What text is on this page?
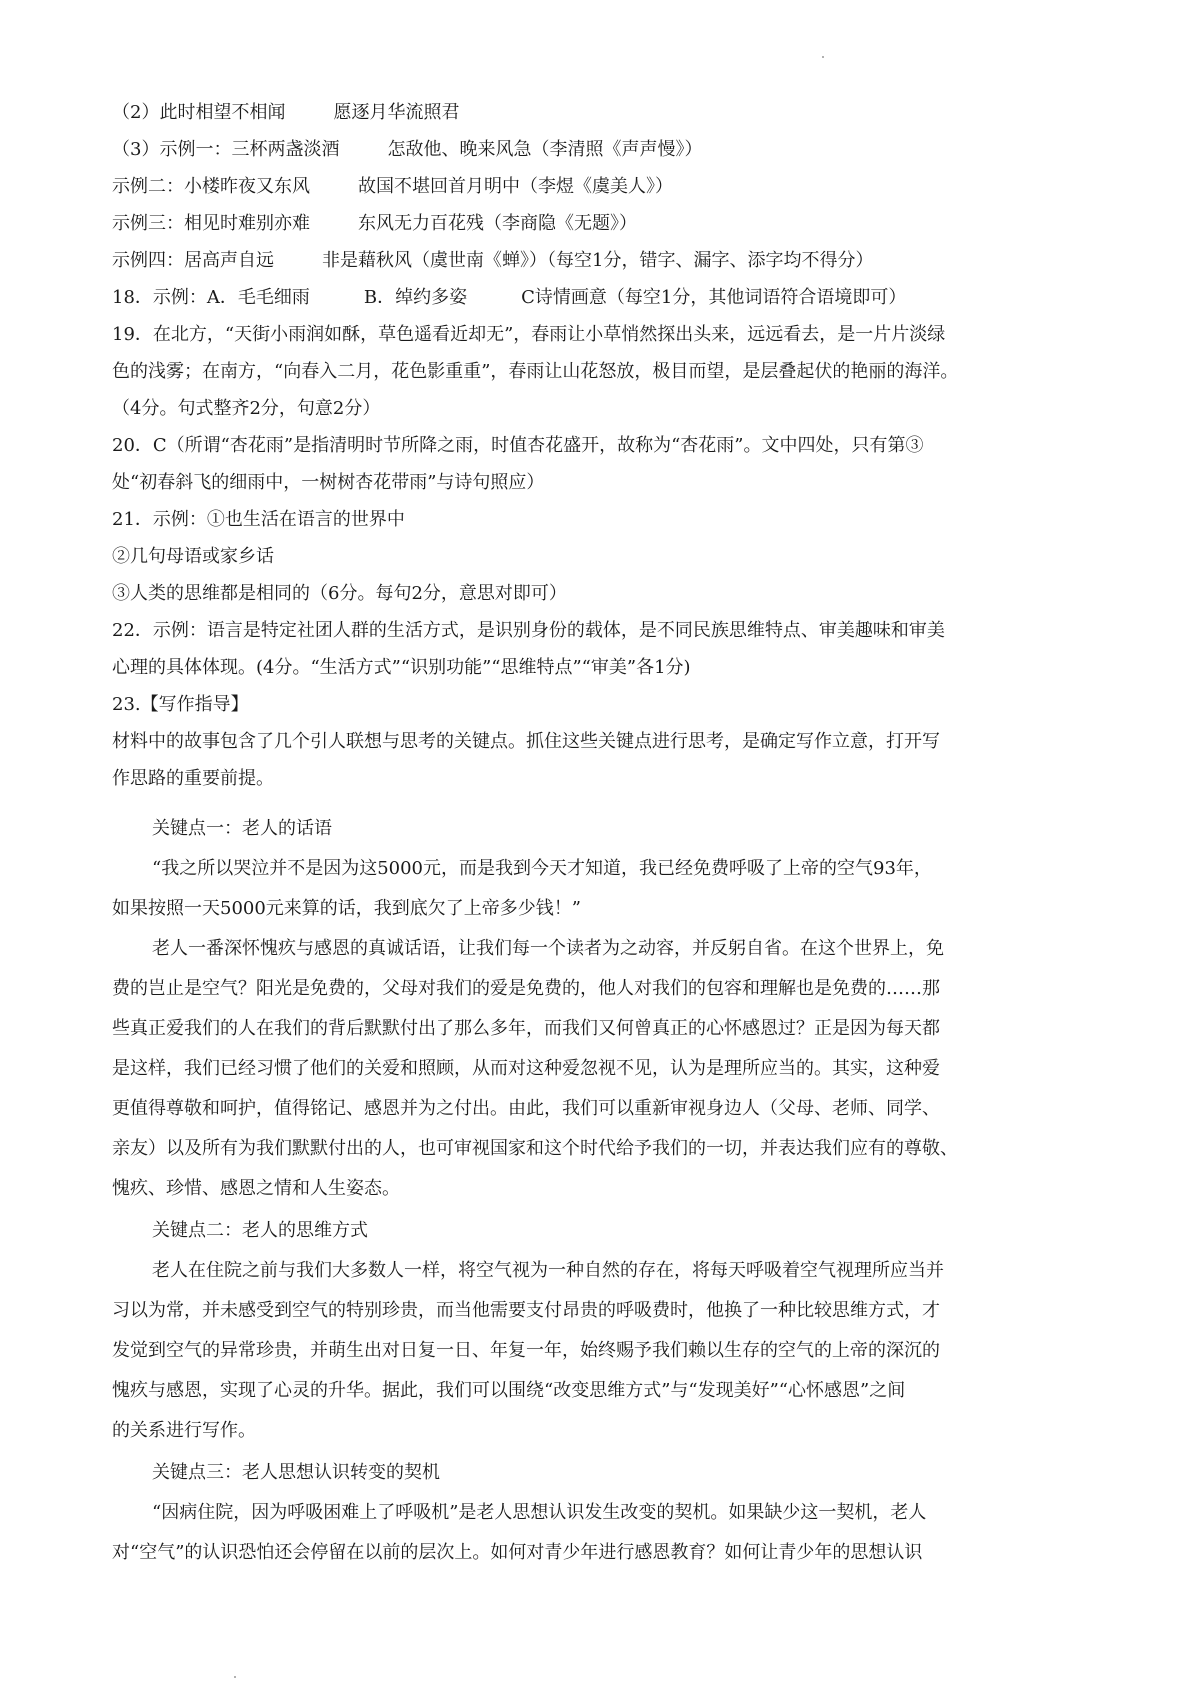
（2）此时相望不相闻	愿逐月华流照君
（3）示例一：三杯两盏淡酒	怎敌他、晚来风急（李清照《声声慢》）
示例二：小楼昨夜又东风	故国不堪回首月明中（李煜《虞美人》）
示例三：相见时难别亦难	东风无力百花残（李商隐《无题》）
示例四：居高声自远	非是藉秋风（虞世南《蝉》）（每空1分，错字、漏字、添字均不得分）
18．示例：A．毛毛细雨　　　B．绰约多姿　　　C诗情画意（每空1分，其他词语符合语境即可）
19．在北方，“天街小雨润如酥，草色遥看近却无”，春雨让小草悄然探出头来，远远看去，是一片片淡绿
色的浅雾；在南方，“向春入二月，花色影重重”，春雨让山花怒放，极目而望，是层叠起伏的艳丽的海洋。
（4分。句式整齐2分，句意2分）
20．C（所谓“杏花雨”是指清明时节所降之雨，时值杏花盛开，故称为“杏花雨”。文中四处，只有第③
处“初春斜飞的细雨中，一树树杏花带雨”与诗句照应）
21．示例：①也生活在语言的世界中
②几句母语或家乡话
③人类的思维都是相同的（6分。每句2分，意思对即可）
22．示例：语言是特定社团人群的生活方式，是识别身份的载体，是不同民族思维特点、审美趣味和审美
心理的具体体现。(4分。“生活方式”“识别功能”“思维特点”“审美”各1分)
23.【写作指导】
材料中的故事包含了几个引人联想与思考的关键点。抓住这些关键点进行思考，是确定写作立意，打开写
作思路的重要前提。
关键点一：老人的话语
“我之所以哭泣并不是因为这5000元，而是我到今天才知道，我已经免费呼吸了上帝的空气93年，
如果按照一天5000元来算的话，我到底欠了上帝多少钱！”
老人一番深怀愧疚与感恩的真诚话语，让我们每一个读者为之动容，并反躬自省。在这个世界上，免
费的岂止是空气？阳光是免费的，父母对我们的爱是免费的，他人对我们的包容和理解也是免费的……那
些真正爱我们的人在我们的背后默默付出了那么多年，而我们又何曾真正的心怀感恩过？正是因为每天都
是这样，我们已经习惯了他们的关爱和照顾，从而对这种爱忽视不见，认为是理所应当的。其实，这种爱
更值得尊敬和呵护，值得铭记、感恩并为之付出。由此，我们可以重新审视身边人（父母、老师、同学、
亲友）以及所有为我们默默付出的人，也可审视国家和这个时代给予我们的一切，并表达我们应有的尊敬、
愧疚、珍惜、感恩之情和人生姿态。
关键点二：老人的思维方式
老人在住院之前与我们大多数人一样，将空气视为一种自然的存在，将每天呼吸着空气视理所应当并
习以为常，并未感受到空气的特别珍贵，而当他需要支付昂贵的呼吸费时，他换了一种比较思维方式，才
发觉到空气的异常珍贵，并萌生出对日复一日、年复一年，始终赐予我们赖以生存的空气的上帝的深沉的
愧疚与感恩，实现了心灵的升华。据此，我们可以围绕“改变思维方式”与“发现美好”“心怀感恩”之间
的关系进行写作。
关键点三：老人思想认识转变的契机
“因病住院，因为呼吸困难上了呼吸机”是老人思想认识发生改变的契机。如果缺少这一契机，老人
对“空气”的认识恐怕还会停留在以前的层次上。如何对青少年进行感恩教育？如何让青少年的思想认识
